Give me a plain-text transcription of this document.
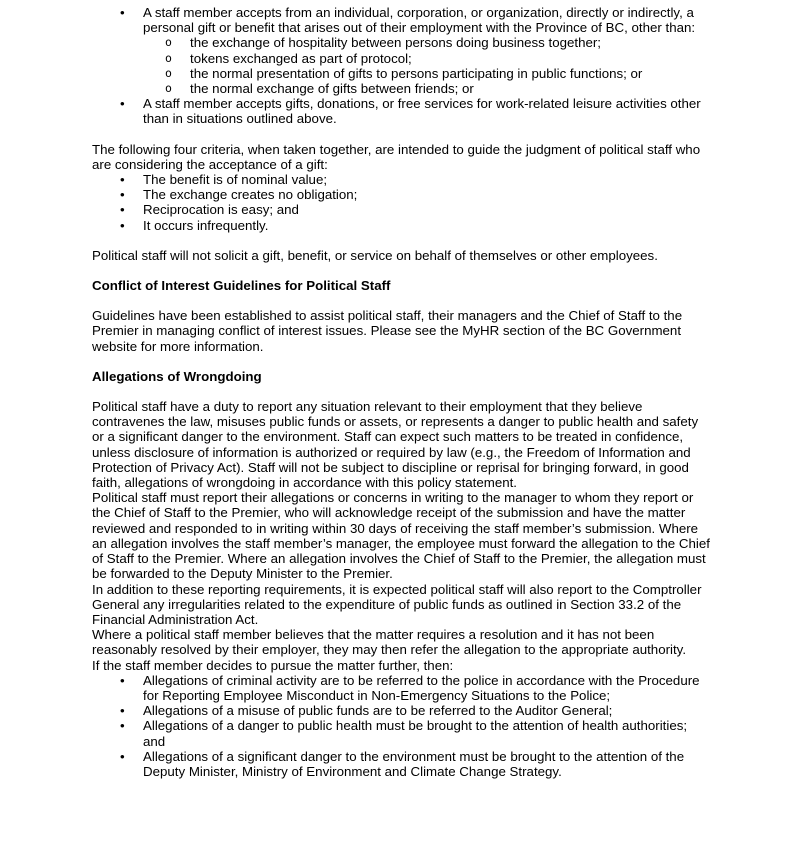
•	A staff member accepts from an individual, corporation, or organization, directly or indirectly, a personal gift or benefit that arises out of their employment with the Province of BC, other than:
o	the exchange of hospitality between persons doing business together;
o	tokens exchanged as part of protocol;
o	the normal presentation of gifts to persons participating in public functions; or
o	the normal exchange of gifts between friends; or
•	A staff member accepts gifts, donations, or free services for work-related leisure activities other than in situations outlined above.
The following four criteria, when taken together, are intended to guide the judgment of political staff who are considering the acceptance of a gift:
•	The benefit is of nominal value;
•	The exchange creates no obligation;
•	Reciprocation is easy; and
•	It occurs infrequently.
Political staff will not solicit a gift, benefit, or service on behalf of themselves or other employees.
Conflict of Interest Guidelines for Political Staff
Guidelines have been established to assist political staff, their managers and the Chief of Staff to the Premier in managing conflict of interest issues. Please see the MyHR section of the BC Government website for more information.
Allegations of Wrongdoing
Political staff have a duty to report any situation relevant to their employment that they believe contravenes the law, misuses public funds or assets, or represents a danger to public health and safety or a significant danger to the environment. Staff can expect such matters to be treated in confidence, unless disclosure of information is authorized or required by law (e.g., the Freedom of Information and Protection of Privacy Act). Staff will not be subject to discipline or reprisal for bringing forward, in good faith, allegations of wrongdoing in accordance with this policy statement.
Political staff must report their allegations or concerns in writing to the manager to whom they report or the Chief of Staff to the Premier, who will acknowledge receipt of the submission and have the matter reviewed and responded to in writing within 30 days of receiving the staff member’s submission. Where an allegation involves the staff member’s manager, the employee must forward the allegation to the Chief of Staff to the Premier. Where an allegation involves the Chief of Staff to the Premier, the allegation must be forwarded to the Deputy Minister to the Premier.
In addition to these reporting requirements, it is expected political staff will also report to the Comptroller General any irregularities related to the expenditure of public funds as outlined in Section 33.2 of the Financial Administration Act.
Where a political staff member believes that the matter requires a resolution and it has not been reasonably resolved by their employer, they may then refer the allegation to the appropriate authority.
If the staff member decides to pursue the matter further, then:
•	Allegations of criminal activity are to be referred to the police in accordance with the Procedure for Reporting Employee Misconduct in Non-Emergency Situations to the Police;
•	Allegations of a misuse of public funds are to be referred to the Auditor General;
•	Allegations of a danger to public health must be brought to the attention of health authorities; and
•	Allegations of a significant danger to the environment must be brought to the attention of the Deputy Minister, Ministry of Environment and Climate Change Strategy.
